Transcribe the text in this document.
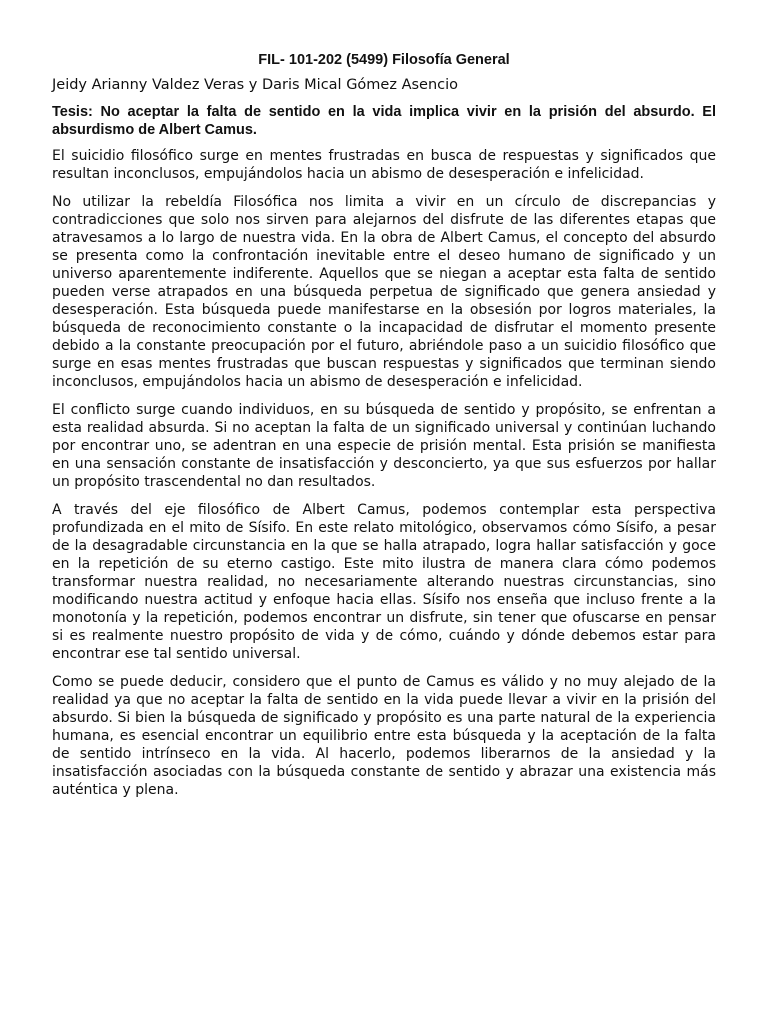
FIL- 101-202 (5499) Filosofía General
Jeidy Arianny Valdez Veras y Daris Mical Gómez Asencio
Tesis: No aceptar la falta de sentido en la vida implica vivir en la prisión del absurdo. El absurdismo de Albert Camus.

El suicidio filosófico surge en mentes frustradas en busca de respuestas y significados que resultan inconclusos, empujándolos hacia un abismo de desesperación e infelicidad.

No utilizar la rebeldía Filosófica nos limita a vivir en un círculo de discrepancias y contradicciones que solo nos sirven para alejarnos del disfrute de las diferentes etapas que atravesamos a lo largo de nuestra vida. En la obra de Albert Camus, el concepto del absurdo se presenta como la confrontación inevitable entre el deseo humano de significado y un universo aparentemente indiferente. Aquellos que se niegan a aceptar esta falta de sentido pueden verse atrapados en una búsqueda perpetua de significado que genera ansiedad y desesperación. Esta búsqueda puede manifestarse en la obsesión por logros materiales, la búsqueda de reconocimiento constante o la incapacidad de disfrutar el momento presente debido a la constante preocupación por el futuro, abriéndole paso a un suicidio filosófico que surge en esas mentes frustradas que buscan respuestas y significados que terminan siendo inconclusos, empujándolos hacia un abismo de desesperación e infelicidad.

El conflicto surge cuando individuos, en su búsqueda de sentido y propósito, se enfrentan a esta realidad absurda. Si no aceptan la falta de un significado universal y continúan luchando por encontrar uno, se adentran en una especie de prisión mental. Esta prisión se manifiesta en una sensación constante de insatisfacción y desconcierto, ya que sus esfuerzos por hallar un propósito trascendental no dan resultados.

A través del eje filosófico de Albert Camus, podemos contemplar esta perspectiva profundizada en el mito de Sísifo. En este relato mitológico, observamos cómo Sísifo, a pesar de la desagradable circunstancia en la que se halla atrapado, logra hallar satisfacción y goce en la repetición de su eterno castigo. Este mito ilustra de manera clara cómo podemos transformar nuestra realidad, no necesariamente alterando nuestras circunstancias, sino modificando nuestra actitud y enfoque hacia ellas. Sísifo nos enseña que incluso frente a la monotonía y la repetición, podemos encontrar un disfrute, sin tener que ofuscarse en pensar si es realmente nuestro propósito de vida y de cómo, cuándo y dónde debemos estar para encontrar ese tal sentido universal.

Como se puede deducir, considero que el punto de Camus es válido y no muy alejado de la realidad ya que no aceptar la falta de sentido en la vida puede llevar a vivir en la prisión del absurdo. Si bien la búsqueda de significado y propósito es una parte natural de la experiencia humana, es esencial encontrar un equilibrio entre esta búsqueda y la aceptación de la falta de sentido intrínseco en la vida. Al hacerlo, podemos liberarnos de la ansiedad y la insatisfacción asociadas con la búsqueda constante de sentido y abrazar una existencia más auténtica y plena.
